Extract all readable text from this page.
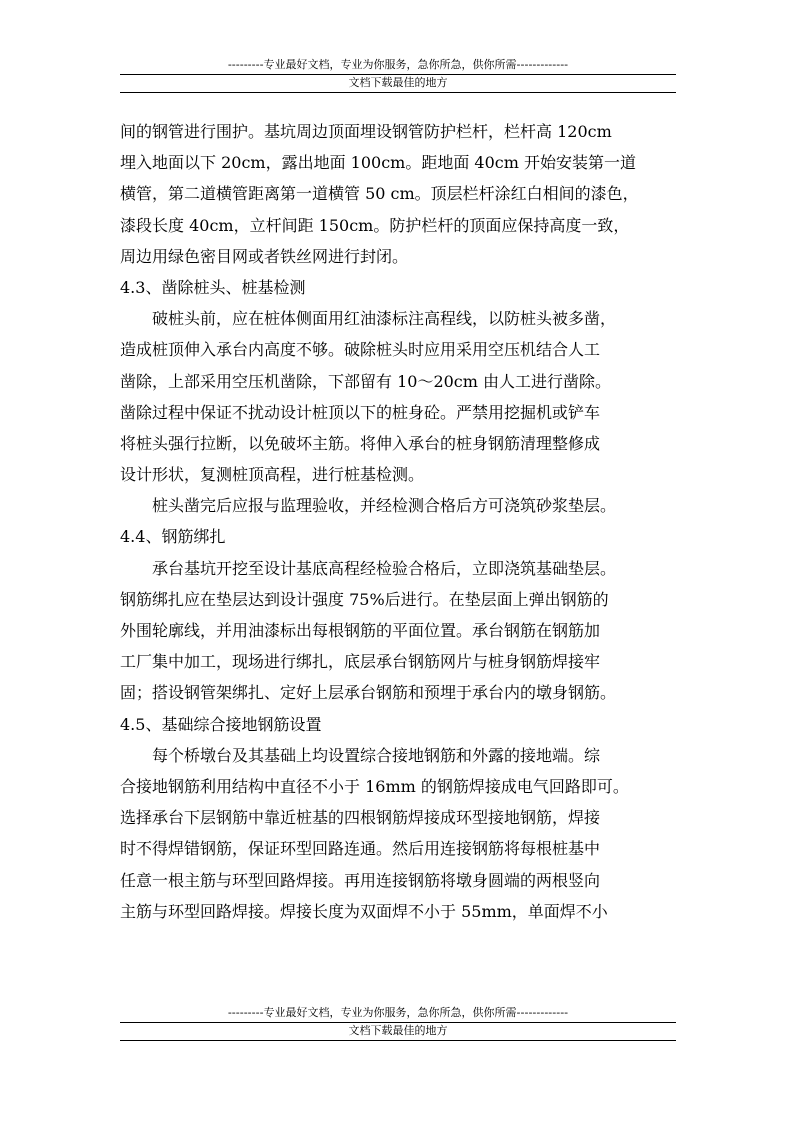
---------专业最好文档，专业为你服务，急你所急，供你所需-------------
文档下载最佳的地方
间的钢管进行围护。基坑周边顶面埋设钢管防护栏杆，栏杆高 120cm
埋入地面以下 20cm，露出地面 100cm。距地面 40cm 开始安装第一道
横管，第二道横管距离第一道横管 50 cm。顶层栏杆涂红白相间的漆色，
漆段长度 40cm，立杆间距 150cm。防护栏杆的顶面应保持高度一致，
周边用绿色密目网或者铁丝网进行封闭。
4.3、凿除桩头、桩基检测
破桩头前，应在桩体侧面用红油漆标注高程线，以防桩头被多凿，
造成桩顶伸入承台内高度不够。破除桩头时应用采用空压机结合人工
凿除，上部采用空压机凿除，下部留有 10～20cm 由人工进行凿除。
凿除过程中保证不扰动设计桩顶以下的桩身砼。严禁用挖掘机或铲车
将桩头强行拉断，以免破坏主筋。将伸入承台的桩身钢筋清理整修成
设计形状，复测桩顶高程，进行桩基检测。
桩头凿完后应报与监理验收，并经检测合格后方可浇筑砂浆垫层。
4.4、钢筋绑扎
承台基坑开挖至设计基底高程经检验合格后，立即浇筑基础垫层。
钢筋绑扎应在垫层达到设计强度 75%后进行。在垫层面上弹出钢筋的
外围轮廓线，并用油漆标出每根钢筋的平面位置。承台钢筋在钢筋加
工厂集中加工，现场进行绑扎，底层承台钢筋网片与桩身钢筋焊接牢
固；搭设钢管架绑扎、定好上层承台钢筋和预埋于承台内的墩身钢筋。
4.5、基础综合接地钢筋设置
每个桥墩台及其基础上均设置综合接地钢筋和外露的接地端。综
合接地钢筋利用结构中直径不小于 16mm 的钢筋焊接成电气回路即可。
选择承台下层钢筋中靠近桩基的四根钢筋焊接成环型接地钢筋，焊接
时不得焊错钢筋，保证环型回路连通。然后用连接钢筋将每根桩基中
任意一根主筋与环型回路焊接。再用连接钢筋将墩身圆端的两根竖向
主筋与环型回路焊接。焊接长度为双面焊不小于 55mm，单面焊不小
---------专业最好文档，专业为你服务，急你所急，供你所需-------------
文档下载最佳的地方
